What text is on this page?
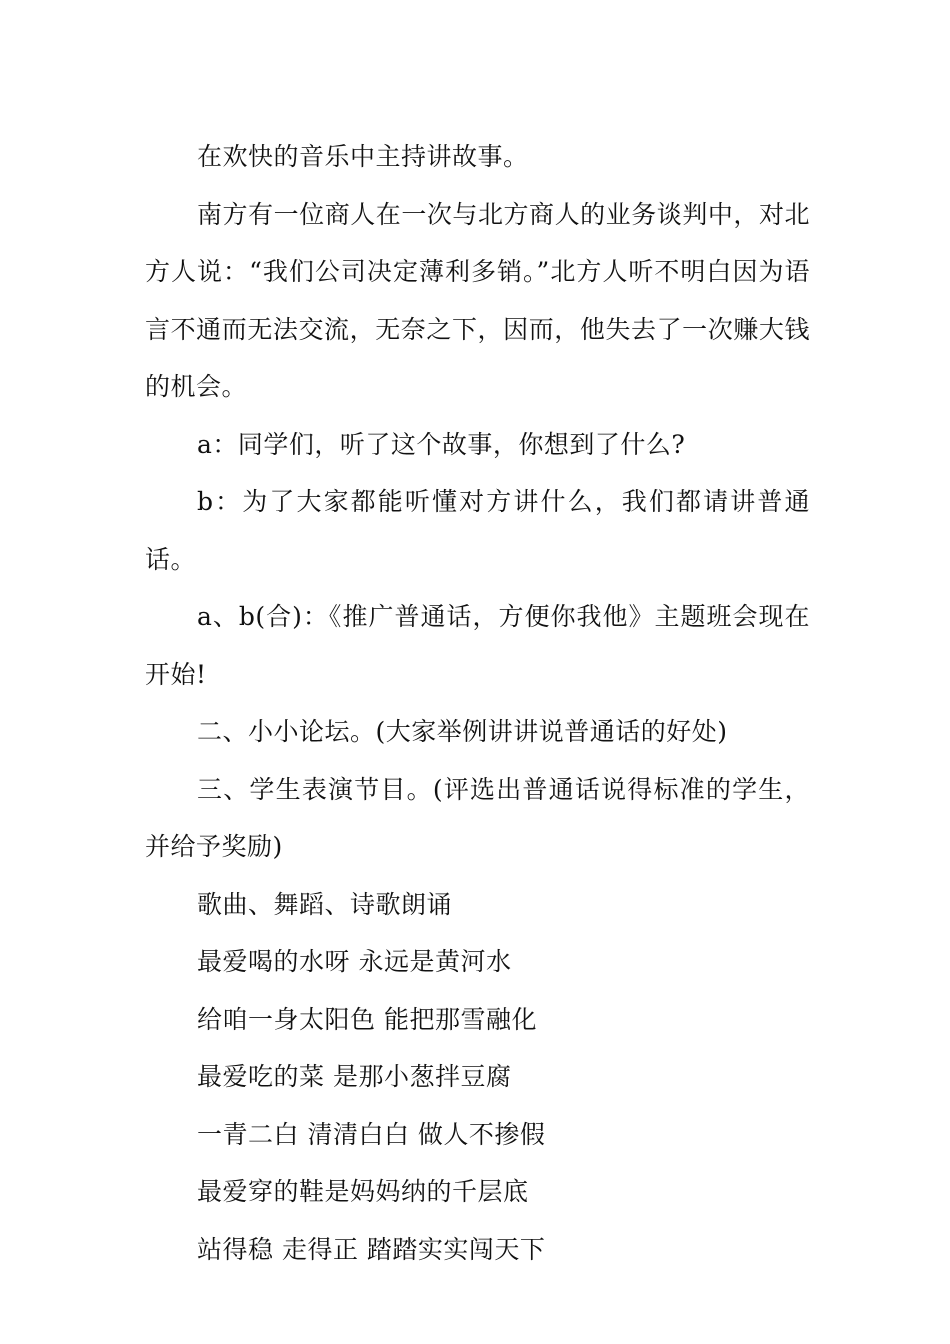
在欢快的音乐中主持讲故事。

南方有一位商人在一次与北方商人的业务谈判中，对北方人说：“我们公司决定薄利多销。”北方人听不明白因为语言不通而无法交流，无奈之下，因而，他失去了一次赚大钱的机会。

a：同学们，听了这个故事，你想到了什么?

b：为了大家都能听懂对方讲什么，我们都请讲普通话。

a、b(合)：《推广普通话，方便你我他》主题班会现在开始!

二、小小论坛。(大家举例讲讲说普通话的好处)

三、学生表演节目。(评选出普通话说得标准的学生，并给予奖励)

歌曲、舞蹈、诗歌朗诵

最爱喝的水呀 永远是黄河水

给咱一身太阳色 能把那雪融化

最爱吃的菜 是那小葱拌豆腐

一青二白 清清白白 做人不掺假

最爱穿的鞋是妈妈纳的千层底

站得稳 走得正 踏踏实实闯天下
